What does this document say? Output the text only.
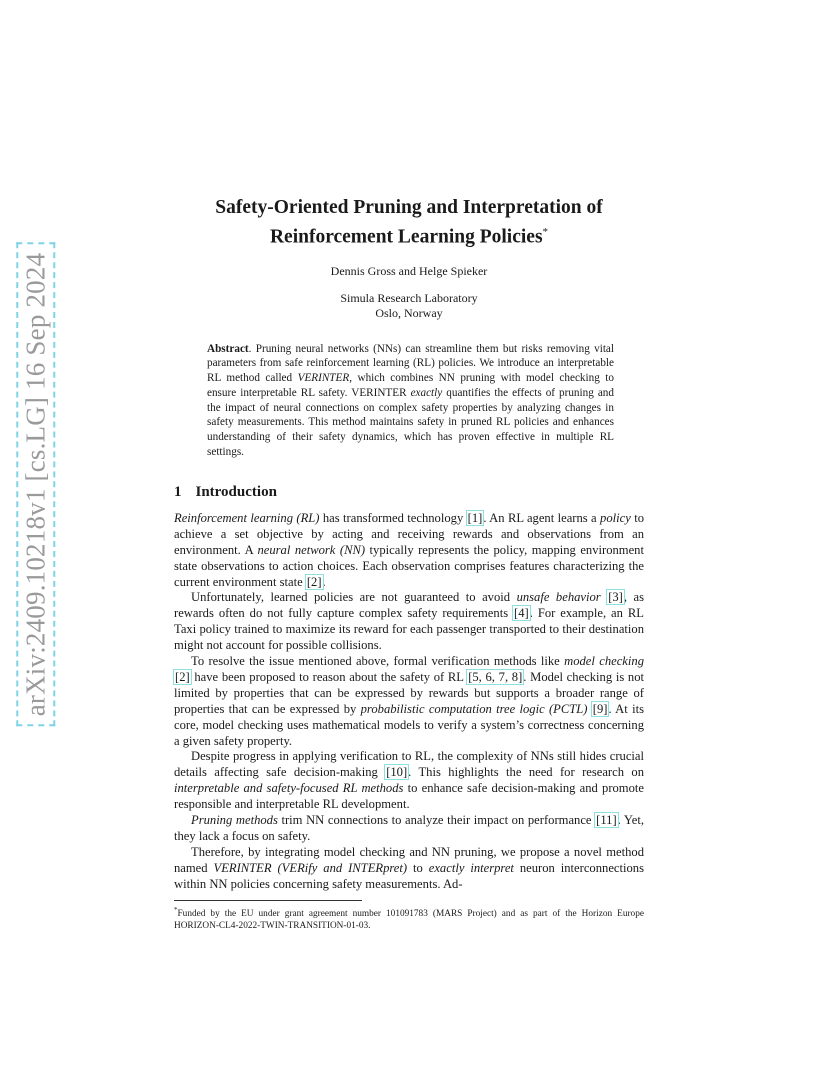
arXiv:2409.10218v1 [cs.LG] 16 Sep 2024
Safety-Oriented Pruning and Interpretation of
Reinforcement Learning Policies*
Dennis Gross and Helge Spieker
Simula Research Laboratory
Oslo, Norway
Abstract. Pruning neural networks (NNs) can streamline them but risks removing vital parameters from safe reinforcement learning (RL) policies. We introduce an interpretable RL method called VERINTER, which combines NN pruning with model checking to ensure interpretable RL safety. VERINTER exactly quantifies the effects of pruning and the impact of neural connections on complex safety properties by analyzing changes in safety measurements. This method maintains safety in pruned RL policies and enhances understanding of their safety dynamics, which has proven effective in multiple RL settings.
1 Introduction

Reinforcement learning (RL) has transformed technology [1]. An RL agent learns a policy to achieve a set objective by acting and receiving rewards and observations from an environment. A neural network (NN) typically represents the policy, mapping environment state observations to action choices. Each observation comprises features characterizing the current environment state [2].

Unfortunately, learned policies are not guaranteed to avoid unsafe behavior [3], as rewards often do not fully capture complex safety requirements [4]. For example, an RL Taxi policy trained to maximize its reward for each passenger transported to their destination might not account for possible collisions.

To resolve the issue mentioned above, formal verification methods like model checking [2] have been proposed to reason about the safety of RL [5, 6, 7, 8]. Model checking is not limited by properties that can be expressed by rewards but supports a broader range of properties that can be expressed by probabilistic computation tree logic (PCTL) [9]. At its core, model checking uses mathematical models to verify a system’s correctness concerning a given safety property.

Despite progress in applying verification to RL, the complexity of NNs still hides crucial details affecting safe decision-making [10]. This highlights the need for research on interpretable and safety-focused RL methods to enhance safe decision-making and promote responsible and interpretable RL development.

Pruning methods trim NN connections to analyze their impact on performance [11]. Yet, they lack a focus on safety.

Therefore, by integrating model checking and NN pruning, we propose a novel method named VERINTER (VERify and INTERpret) to exactly interpret neuron interconnections within NN policies concerning safety measurements. Ad-

*Funded by the EU under grant agreement number 101091783 (MARS Project) and as part of the Horizon Europe HORIZON-CL4-2022-TWIN-TRANSITION-01-03.
